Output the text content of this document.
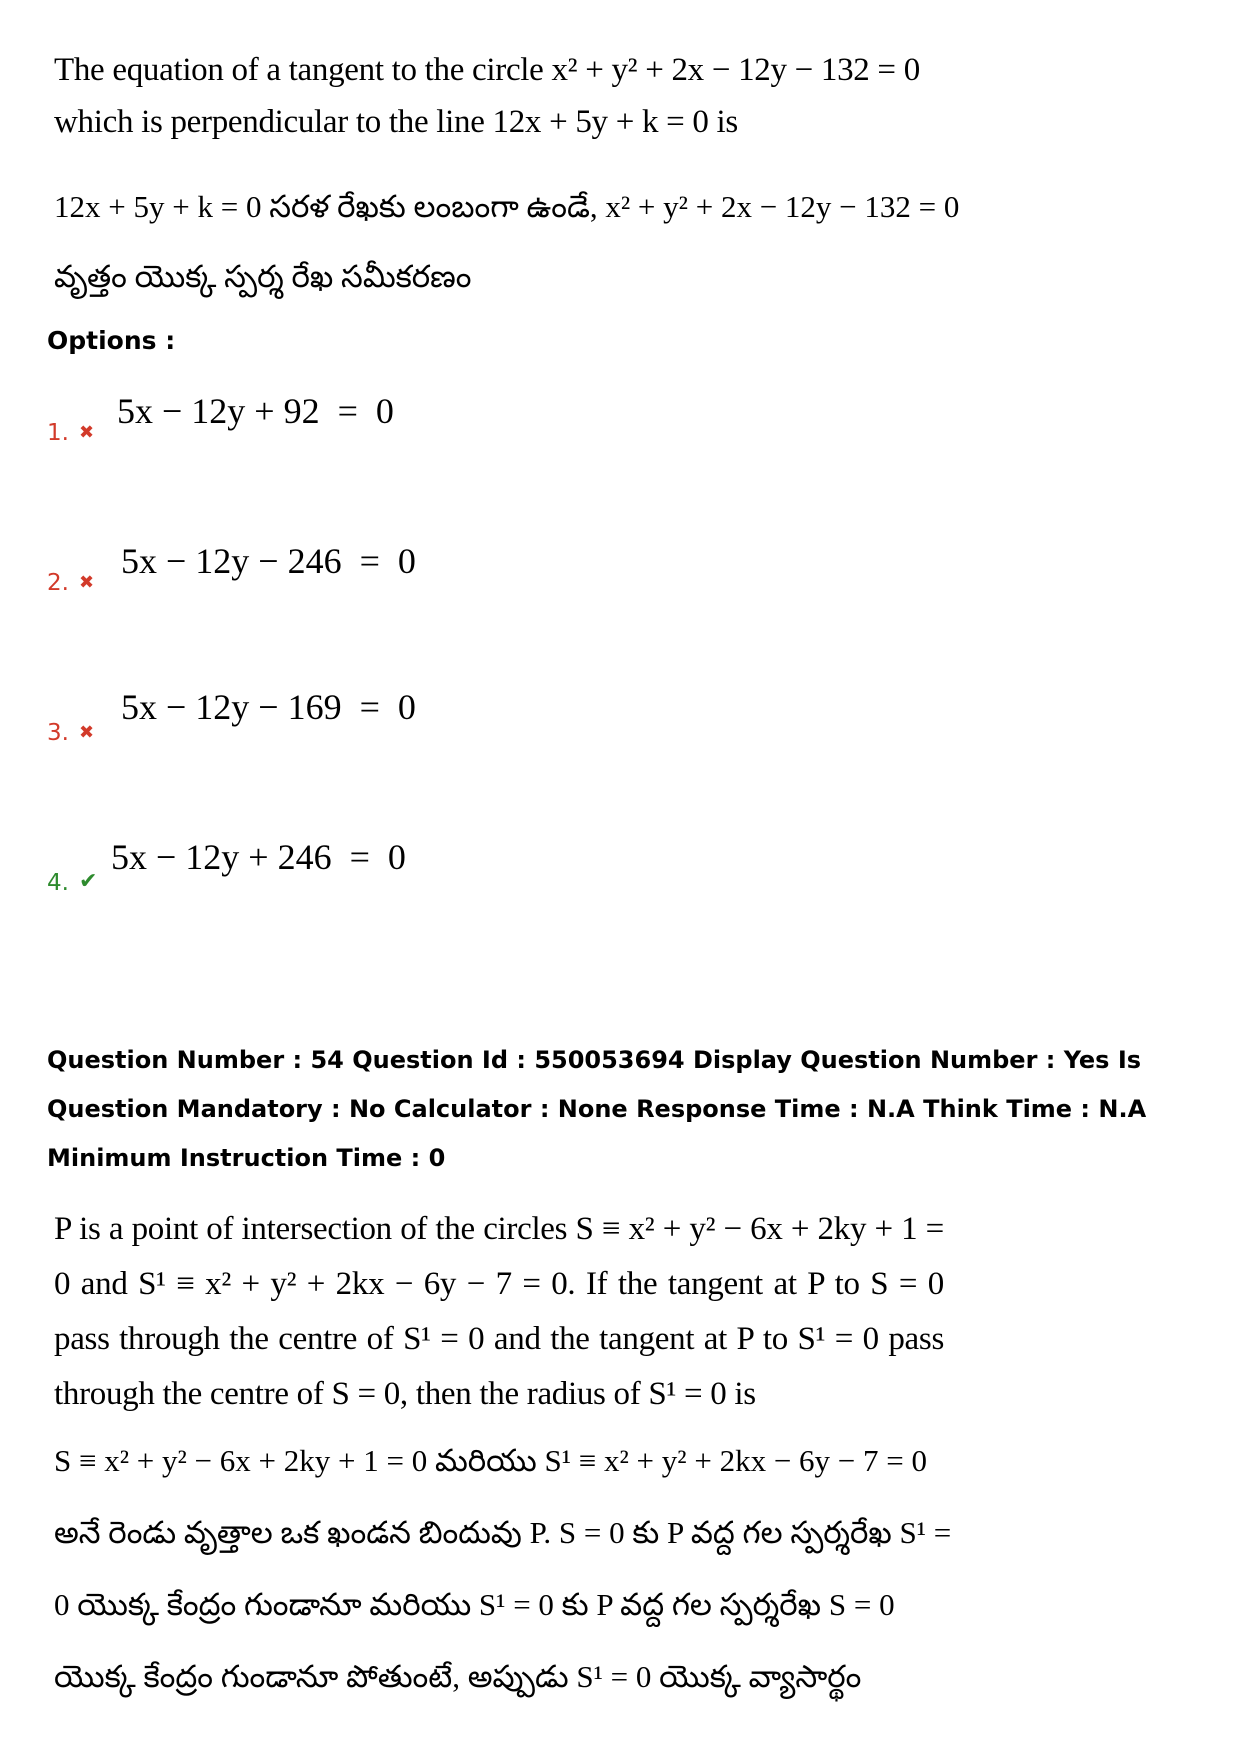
The equation of a tangent to the circle x² + y² + 2x − 12y − 132 = 0 which is perpendicular to the line 12x + 5y + k = 0 is
12x + 5y + k = 0 సరళ రేఖకు లంబంగా ఉండే, x² + y² + 2x − 12y − 132 = 0 వృత్తం యొక్క స్పర్శ రేఖ సమీకరణం
Options :
1. ✖
5x − 12y + 92  =  0
2. ✖
5x − 12y − 246  =  0
3. ✖
5x − 12y − 169  =  0
4. ✔
5x − 12y + 246  =  0
Question Number : 54 Question Id : 550053694 Display Question Number : Yes Is Question Mandatory : No Calculator : None Response Time : N.A Think Time : N.A Minimum Instruction Time : 0
P is a point of intersection of the circles S ≡ x² + y² − 6x + 2ky + 1 = 0 and S¹ ≡ x² + y² + 2kx − 6y − 7 = 0. If the tangent at P to S = 0 pass through the centre of S¹ = 0 and the tangent at P to S¹ = 0 pass through the centre of S = 0, then the radius of S¹ = 0 is
S ≡ x² + y² − 6x + 2ky + 1 = 0 మరియు S¹ ≡ x² + y² + 2kx − 6y − 7 = 0 అనే రెండు వృత్తాల ఒక ఖండన బిందువు P. S = 0 కు P వద్ద గల స్పర్శరేఖ S¹ = 0 యొక్క కేంద్రం గుండానూ మరియు S¹ = 0 కు P వద్ద గల స్పర్శరేఖ S = 0 యొక్క కేంద్రం గుండానూ పోతుంటే, అప్పుడు S¹ = 0 యొక్క వ్యాసార్థం
